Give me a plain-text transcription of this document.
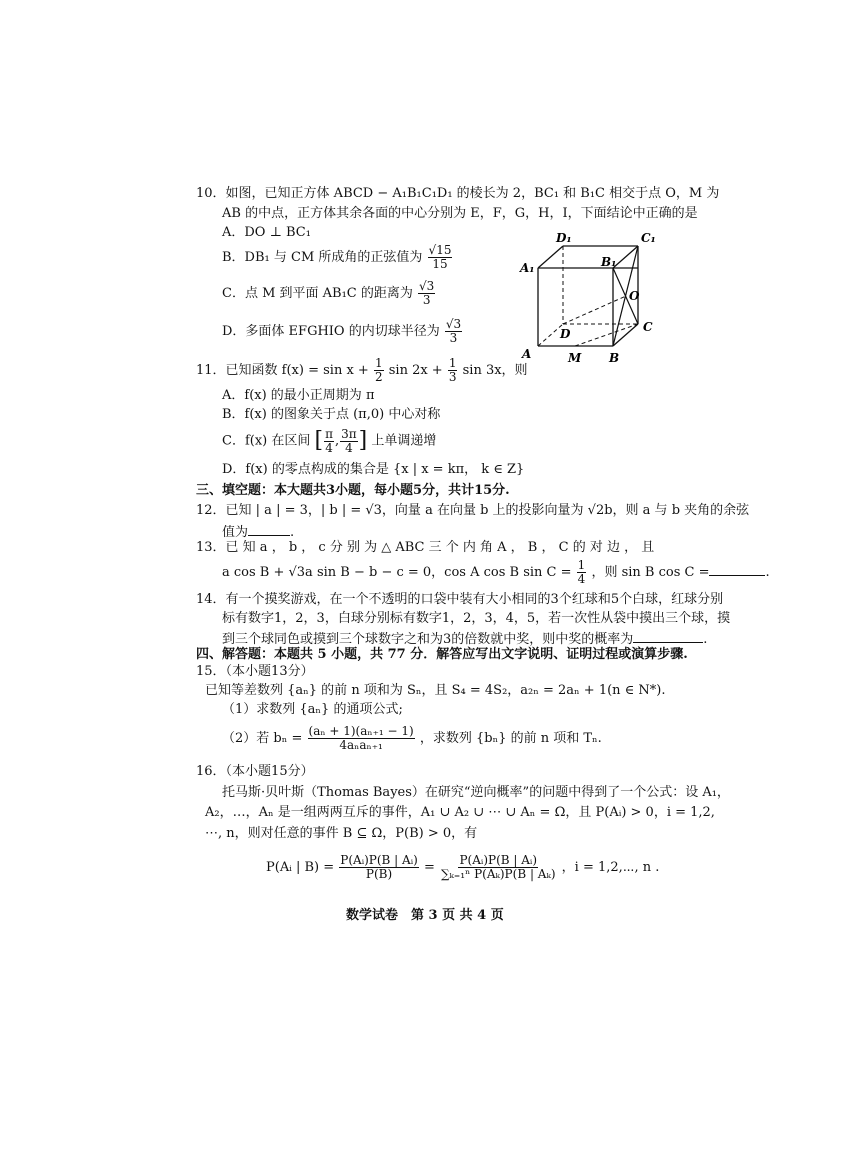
10．如图，已知正方体 ABCD − A₁B₁C₁D₁ 的棱长为 2，BC₁ 和 B₁C 相交于点 O，M 为
AB 的中点，正方体其余各面的中心分别为 E，F，G，H，I，下面结论中正确的是
A．DO ⊥ BC₁
B．DB₁ 与 CM 所成角的正弦值为 $\frac{√15}{15}$
C．点 M 到平面 AB₁C 的距离为 $\frac{√3}{3}$
D．多面体 EFGHIO 的内切球半径为 $\frac{√3}{3}$
D₁	C₁
A₁	B₁
O
D	C
A	M B
11．已知函数 $f(x) = \sin x + \frac{1}{2}$ $\sin 2x + \frac{1}{3}$ sin 3x，则
A．f(x) 的最小正周期为 π
B．f(x) 的图象关于点 (π,0) 中心对称
C．f(x) 在区间 [ $\frac{\pi}{4}$ , $\frac{3\pi}{4}$ ] 上单调递增
D．f(x) 的零点构成的集合是 {x | x = kπ， k ∈ Z}
三、填空题：本大题共3小题，每小题5分，共计15分.
12．已知 | a | = 3，| b | = √3，向量 a 在向量 b 上的投影向量为 √2b，则 a 与 b 夹角的余弦
值为	.
13．已 知 a ， b ， c 分 别 为 △ ABC 三 个 内 角 A ， B ， C 的 对 边 ， 且
a cos B + √3a sin B − b − c = 0，cos A cos B $\sin C = \frac{1}{4}$ ，则 sin B cos C =	.
14．有一个摸奖游戏，在一个不透明的口袋中装有大小相同的3个红球和5个白球，红球分别
标有数字1，2，3，白球分别标有数字1，2，3，4，5，若一次性从袋中摸出三个球，摸
到三个球同色或摸到三个球数字之和为3的倍数就中奖，则中奖的概率为	.
四、解答题：本题共 5 小题，共 77 分．解答应写出文字说明、证明过程或演算步骤.
15．（本小题13分）
已知等差数列 {aₙ} 的前 n 项和为 Sₙ，且 S₄ = 4S₂，a₂ₙ = 2aₙ + 1(n ∈ N*).
（1）求数列 {aₙ} 的通项公式;
（2）若 $b_n = \frac{\text{(aₙ + 1)(aₙ₊₁ − 1)}}{\text{4aₙaₙ₊₁}}$ ，求数列 {bₙ} 的前 n 项和 Tₙ.
16．（本小题15分）
托马斯·贝叶斯（Thomas Bayes）在研究“逆向概率”的问题中得到了一个公式：设 A₁，
A₂，…，Aₙ 是一组两两互斥的事件，A₁ ∪ A₂ ∪ ⋯ ∪ Aₙ = Ω，且 P(Aᵢ) > 0，i = 1,2,
⋯, n，则对任意的事件 B ⊆ Ω，P(B) > 0，有
P(Aᵢ | $B) = \frac{\text{P(Aᵢ)P(B | Aᵢ)}}{P(B)} = \frac{\text{P(Aᵢ)P(B | Aᵢ)}}{\text{∑ₖ₌₁ⁿ P(Aₖ)P(B | Aₖ)}}$ ，i = 1,2,⋯, n .
数学试卷　第 3 页 共 4 页
